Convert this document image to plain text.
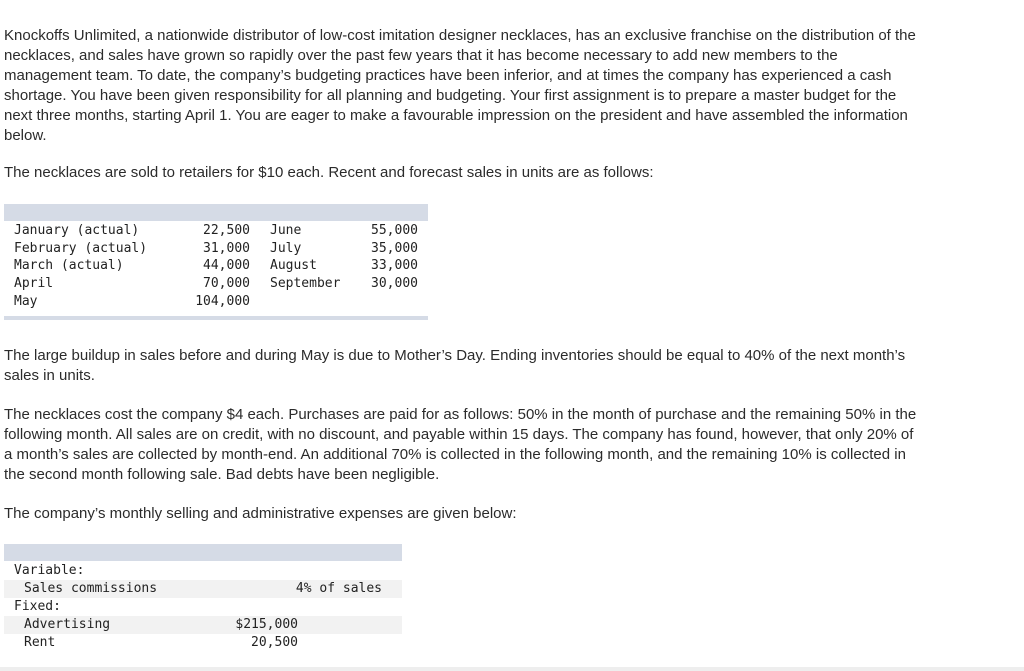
Knockoffs Unlimited, a nationwide distributor of low-cost imitation designer necklaces, has an exclusive franchise on the distribution of the necklaces, and sales have grown so rapidly over the past few years that it has become necessary to add new members to the management team. To date, the company’s budgeting practices have been inferior, and at times the company has experienced a cash shortage. You have been given responsibility for all planning and budgeting. Your first assignment is to prepare a master budget for the next three months, starting April 1. You are eager to make a favourable impression on the president and have assembled the information below.

The necklaces are sold to retailers for $10 each. Recent and forecast sales in units are as follows:

January (actual)	22,500 June	55,000
February (actual)	31,000 July	35,000
March (actual)	44,000 August	33,000
April	70,000 September 30,000
May	104,000

The large buildup in sales before and during May is due to Mother’s Day. Ending inventories should be equal to 40% of the next month’s sales in units.

The necklaces cost the company $4 each. Purchases are paid for as follows: 50% in the month of purchase and the remaining 50% in the following month. All sales are on credit, with no discount, and payable within 15 days. The company has found, however, that only 20% of a month’s sales are collected by month-end. An additional 70% is collected in the following month, and the remaining 10% is collected in the second month following sale. Bad debts have been negligible.

The company’s monthly selling and administrative expenses are given below:

Variable:
Sales commissions	4% of sales
Fixed:
Advertising	$215,000
Rent	20,500
